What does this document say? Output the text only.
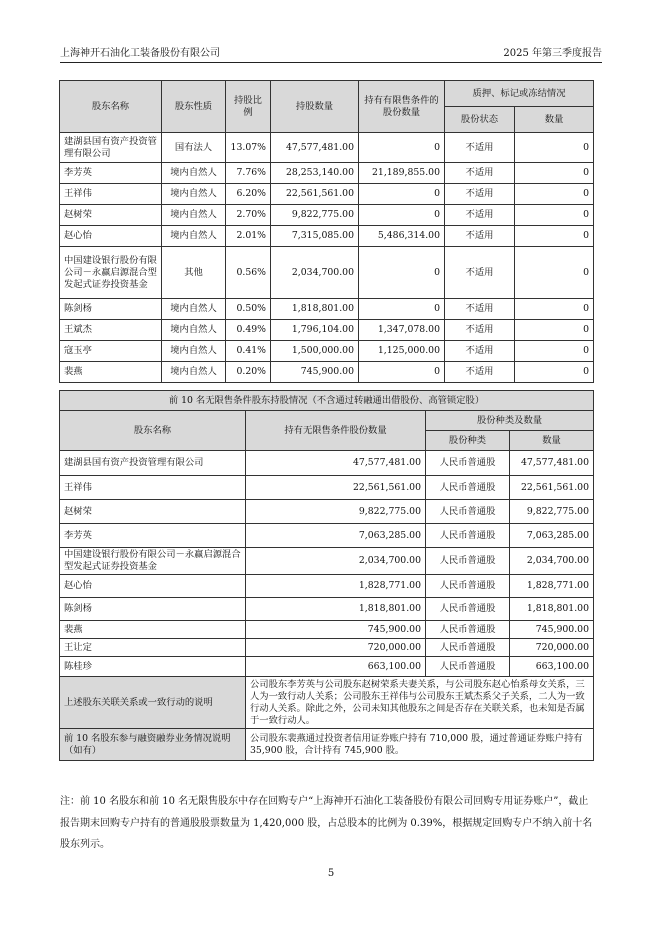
上海神开石油化工装备股份有限公司	2025 年第三季度报告
股东名称	股东性质	持股比例	持股数量	持有有限售条件的股份数量	质押、标记或冻结情况	
					股份状态	数量
建湖县国有资产投资管理有限公司	国有法人	13.07%	47,577,481.00	0	不适用	0
李芳英	境内自然人	7.76%	28,253,140.00	21,189,855.00	不适用	0
王祥伟	境内自然人	6.20%	22,561,561.00	0	不适用	0
赵树荣	境内自然人	2.70%	9,822,775.00	0	不适用	0
赵心怡	境内自然人	2.01%	7,315,085.00	5,486,314.00	不适用	0
中国建设银行股份有限公司－永赢启源混合型发起式证券投资基金	其他	0.56%	2,034,700.00	0	不适用	0
陈剑杨	境内自然人	0.50%	1,818,801.00	0	不适用	0
王斌杰	境内自然人	0.49%	1,796,104.00	1,347,078.00	不适用	0
寇玉亭	境内自然人	0.41%	1,500,000.00	1,125,000.00	不适用	0
裴燕	境内自然人	0.20%	745,900.00	0	不适用	0
前 10 名无限售条件股东持股情况（不含通过转融通出借股份、高管锁定股）			
股东名称	持有无限售条件股份数量	股份种类及数量	
		股份种类	数量
建湖县国有资产投资管理有限公司	47,577,481.00	人民币普通股	47,577,481.00
王祥伟	22,561,561.00	人民币普通股	22,561,561.00
赵树荣	9,822,775.00	人民币普通股	9,822,775.00
李芳英	7,063,285.00	人民币普通股	7,063,285.00
中国建设银行股份有限公司－永赢启源混合型发起式证券投资基金	2,034,700.00	人民币普通股	2,034,700.00
赵心怡	1,828,771.00	人民币普通股	1,828,771.00
陈剑杨	1,818,801.00	人民币普通股	1,818,801.00
裴燕	745,900.00	人民币普通股	745,900.00
王让定	720,000.00	人民币普通股	720,000.00
陈桂珍	663,100.00	人民币普通股	663,100.00
上述股东关联关系或一致行动的说明	公司股东李芳英与公司股东赵树荣系夫妻关系，与公司股东赵心怡系母女关系，三人为一致行动人关系；公司股东王祥伟与公司股东王斌杰系父子关系，二人为一致行动人关系。除此之外，公司未知其他股东之间是否存在关联关系，也未知是否属于一致行动人。		
前 10 名股东参与融资融券业务情况说明（如有）	公司股东裴燕通过投资者信用证券账户持有 710,000 股，通过普通证券账户持有 35,900 股，合计持有 745,900 股。		
注：前 10 名股东和前 10 名无限售股东中存在回购专户“上海神开石油化工装备股份有限公司回购专用证券账户”，截止报告期末回购专户持有的普通股股票数量为 1,420,000 股，占总股本的比例为 0.39%，根据规定回购专户不纳入前十名股东列示。
5
